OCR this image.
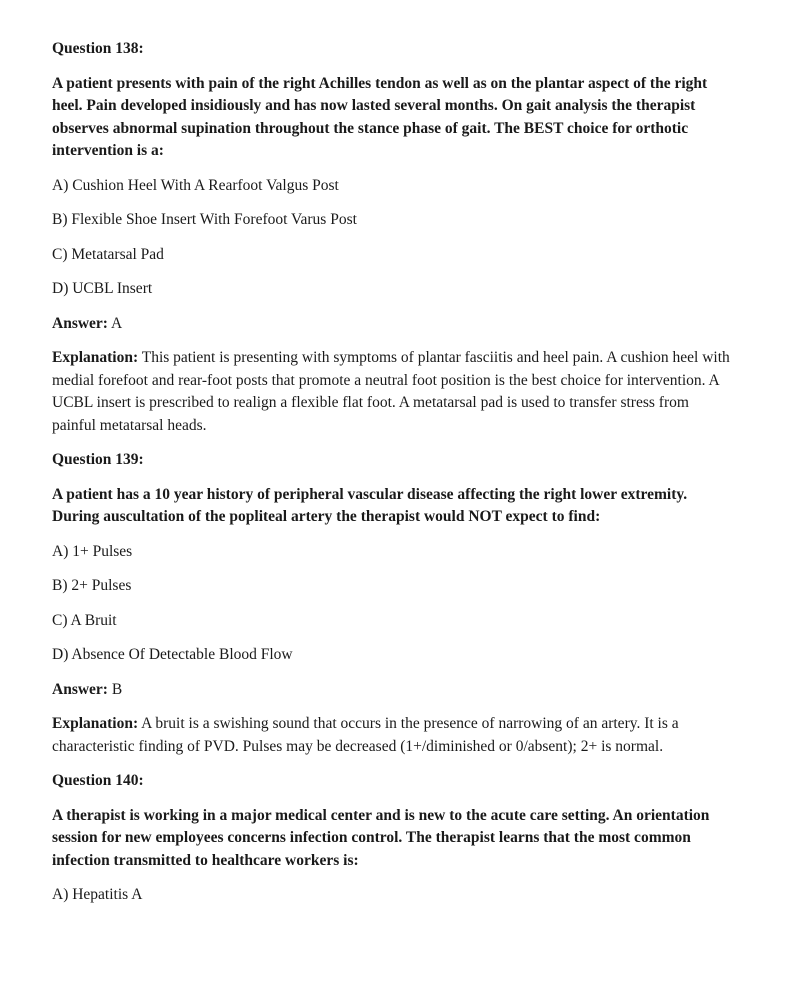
Question 138:

A patient presents with pain of the right Achilles tendon as well as on the plantar aspect of the right heel. Pain developed insidiously and has now lasted several months. On gait analysis the therapist observes abnormal supination throughout the stance phase of gait. The BEST choice for orthotic intervention is a:

A) Cushion Heel With A Rearfoot Valgus Post

B) Flexible Shoe Insert With Forefoot Varus Post

C) Metatarsal Pad

D) UCBL Insert

Answer: A

Explanation: This patient is presenting with symptoms of plantar fasciitis and heel pain. A cushion heel with medial forefoot and rear-foot posts that promote a neutral foot position is the best choice for intervention. A UCBL insert is prescribed to realign a flexible flat foot. A metatarsal pad is used to transfer stress from painful metatarsal heads.

Question 139:

A patient has a 10 year history of peripheral vascular disease affecting the right lower extremity. During auscultation of the popliteal artery the therapist would NOT expect to find:

A) 1+ Pulses

B) 2+ Pulses

C) A Bruit

D) Absence Of Detectable Blood Flow

Answer: B

Explanation: A bruit is a swishing sound that occurs in the presence of narrowing of an artery. It is a characteristic finding of PVD. Pulses may be decreased (1+/diminished or 0/absent); 2+ is normal.

Question 140:

A therapist is working in a major medical center and is new to the acute care setting. An orientation session for new employees concerns infection control. The therapist learns that the most common infection transmitted to healthcare workers is:

A) Hepatitis A
